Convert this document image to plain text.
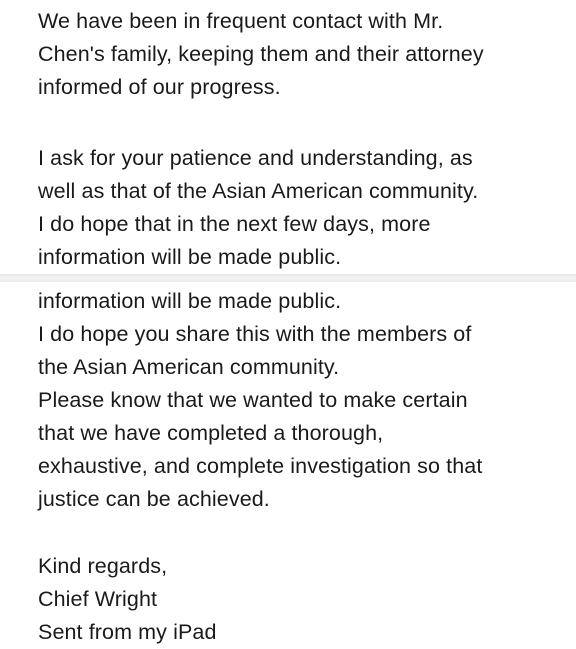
We have been in frequent contact with Mr.
Chen's family, keeping them and their attorney
informed of our progress.

I ask for your patience and understanding, as
well as that of the Asian American community.
I do hope that in the next few days, more
information will be made public.

information will be made public.
I do hope you share this with the members of
the Asian American community.
Please know that we wanted to make certain
that we have completed a thorough,
exhaustive, and complete investigation so that
justice can be achieved.

Kind regards,
Chief Wright
Sent from my iPad
